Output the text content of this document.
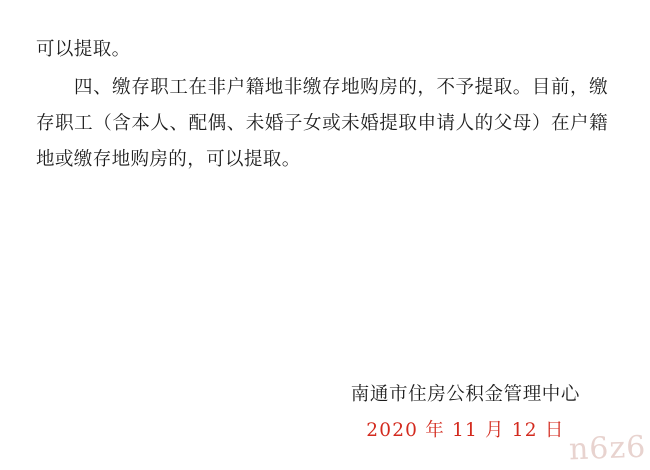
可以提取。

四、缴存职工在非户籍地非缴存地购房的，不予提取。目前，缴存职工（含本人、配偶、未婚子女或未婚提取申请人的父母）在户籍地或缴存地购房的，可以提取。

南通市住房公积金管理中心
2020 年 11 月 12 日 n6z6
